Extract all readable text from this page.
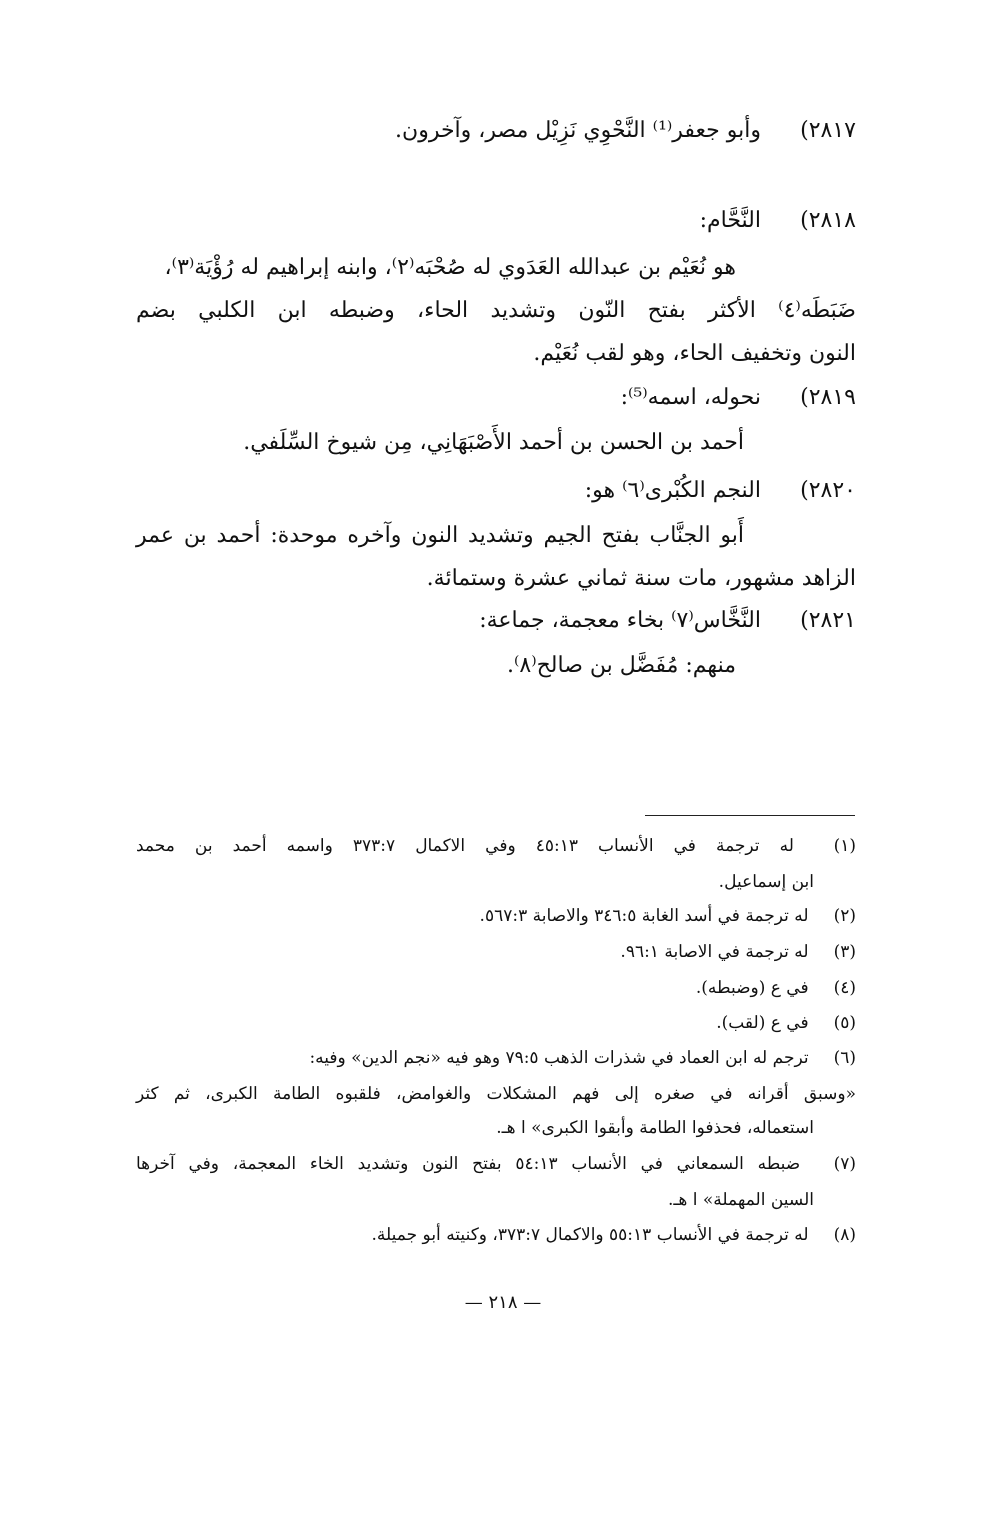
٢٨١٧) وأبو جعفر⁽¹⁾ النَّحْوِي نَزِيْل مصر، وآخرون.
٢٨١٨) النَّحَّام:
هو نُعَيْم بن عبدالله العَدَوي له صُحْبَه⁽٢⁾، وابنه إبراهيم له رُؤْيَة⁽٣⁾،
ضَبَطَه⁽٤⁾ الأكثر بفتح النّون وتشديد الحاء، وضبطه ابن الكلبي بضم
النون وتخفيف الحاء، وهو لقب نُعَيْم.
٢٨١٩) نحوله، اسمه⁽⁵⁾:
أحمد بن الحسن بن أحمد الأَصْبَهَانِي، مِن شيوخ السِّلَفي.
٢٨٢٠) النجم الكُبْرى⁽٦⁾ هو:
أَبو الجنَّاب بفتح الجيم وتشديد النون وآخره موحدة: أحمد بن عمر
الزاهد مشهور، مات سنة ثماني عشرة وستمائة.
٢٨٢١) النَّخَّاس⁽٧⁾ بخاء معجمة، جماعة:
منهم: مُفَضَّل بن صالح⁽٨⁾.
(١) له ترجمة في الأنساب ٤٥:١٣ وفي الاكمال ٣٧٣:٧ واسمه أحمد بن محمد
ابن إسماعيل.
(٢) له ترجمة في أسد الغابة ٣٤٦:٥ والاصابة ٥٦٧:٣.
(٣) له ترجمة في الاصابة ٩٦:١.
(٤) في ع (وضبطه).
(٥) في ع (لقب).
(٦) ترجم له ابن العماد في شذرات الذهب ٧٩:٥ وهو فيه «نجم الدين» وفيه:
«وسبق أقرانه في صغره إلى فهم المشكلات والغوامض، فلقبوه الطامة الكبرى، ثم كثر
استعماله، فحذفوا الطامة وأبقوا الكبرى» ا هـ.
(٧) ضبطه السمعاني في الأنساب ٥٤:١٣ بفتح النون وتشديد الخاء المعجمة، وفي آخرها
السين المهملة» ا هـ.
(٨) له ترجمة في الأنساب ٥٥:١٣ والاكمال ٣٧٣:٧، وكنيته أبو جميلة.
— ٢١٨ —
